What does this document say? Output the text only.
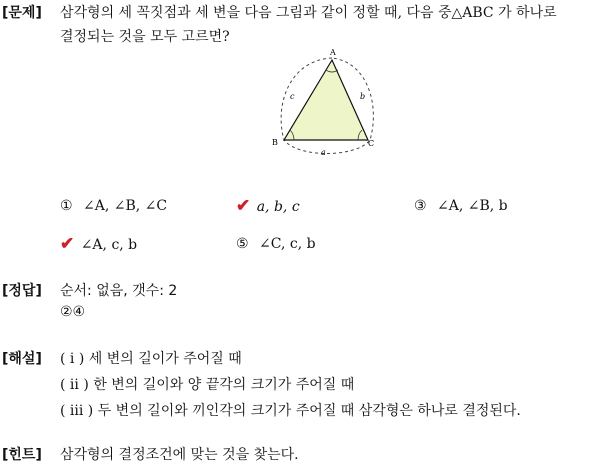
[문제] 삼각형의 세 꼭짓점과 세 변을 다음 그림과 같이 정할 때, 다음 중△ABC 가 하나로
결정되는 것을 모두 고르면?
A
B	C
c	b
a
① ∠A, ∠B, ∠C	✔ a, b, c	③ ∠A, ∠B, b
✔ ∠A, c, b	⑤ ∠C, c, b
[정답] 순서: 없음, 갯수: 2
②④
[해설] ( i ) 세 변의 길이가 주어질 때
( ii ) 한 변의 길이와 양 끝각의 크기가 주어질 때
( iii ) 두 변의 길이와 끼인각의 크기가 주어질 때 삼각형은 하나로 결정된다.
[힌트] 삼각형의 결정조건에 맞는 것을 찾는다.
